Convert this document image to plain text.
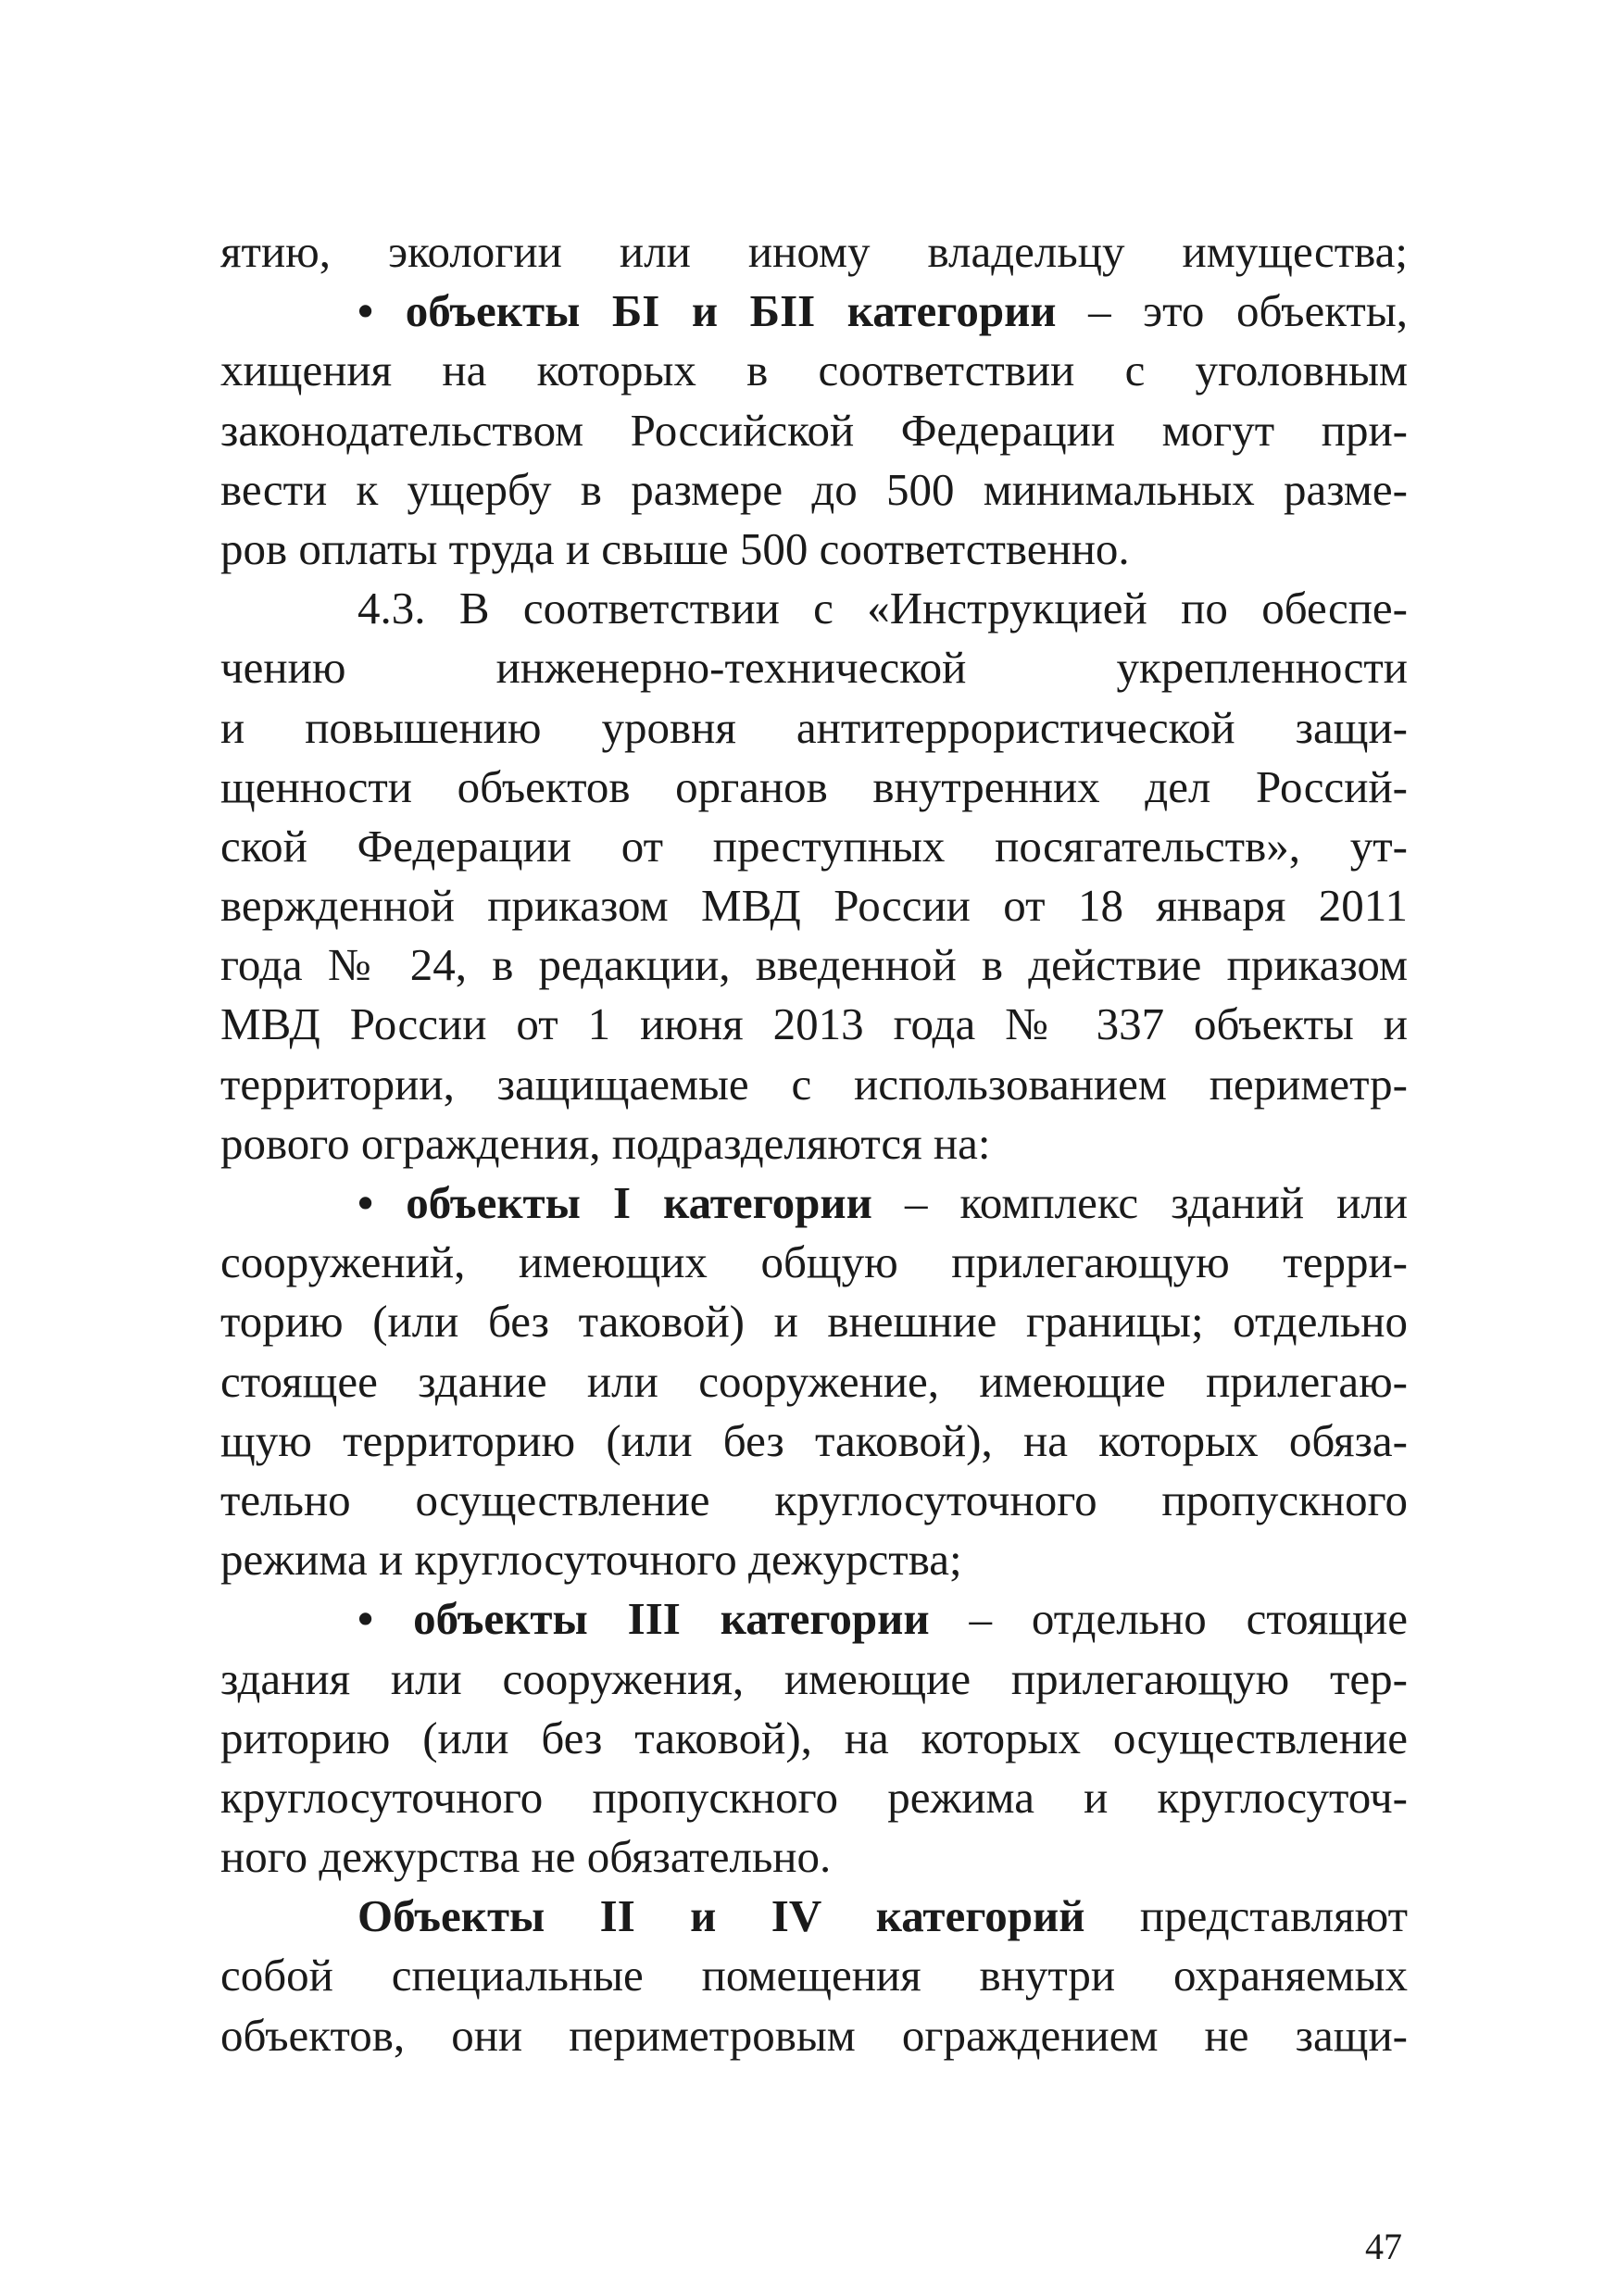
ятию, экологии или иному владельцу имущества;
• объекты БI и БII категории – это объекты,
хищения на которых в соответствии с уголовным
законодательством Российской Федерации могут при-
вести к ущербу в размере до 500 минимальных разме-
ров оплаты труда и свыше 500 соответственно.
4.3. В соответствии с «Инструкцией по обеспе-
чению инженерно-технической укрепленности
и повышению уровня антитеррористической защи-
щенности объектов органов внутренних дел Россий-
ской Федерации от преступных посягательств», ут-
вержденной приказом МВД России от 18 января 2011
года № 24, в редакции, введенной в действие приказом
МВД России от 1 июня 2013 года № 337 объекты и
территории, защищаемые с использованием периметр-
рового ограждения, подразделяются на:
• объекты I категории – комплекс зданий или
сооружений, имеющих общую прилегающую терри-
торию (или без таковой) и внешние границы; отдельно
стоящее здание или сооружение, имеющие прилегаю-
щую территорию (или без таковой), на которых обяза-
тельно осуществление круглосуточного пропускного
режима и круглосуточного дежурства;
• объекты III категории – отдельно стоящие
здания или сооружения, имеющие прилегающую тер-
риторию (или без таковой), на которых осуществление
круглосуточного пропускного режима и круглосуточ-
ного дежурства не обязательно.
Объекты II и IV категорий представляют
собой специальные помещения внутри охраняемых
объектов, они периметровым ограждением не защи-
47
